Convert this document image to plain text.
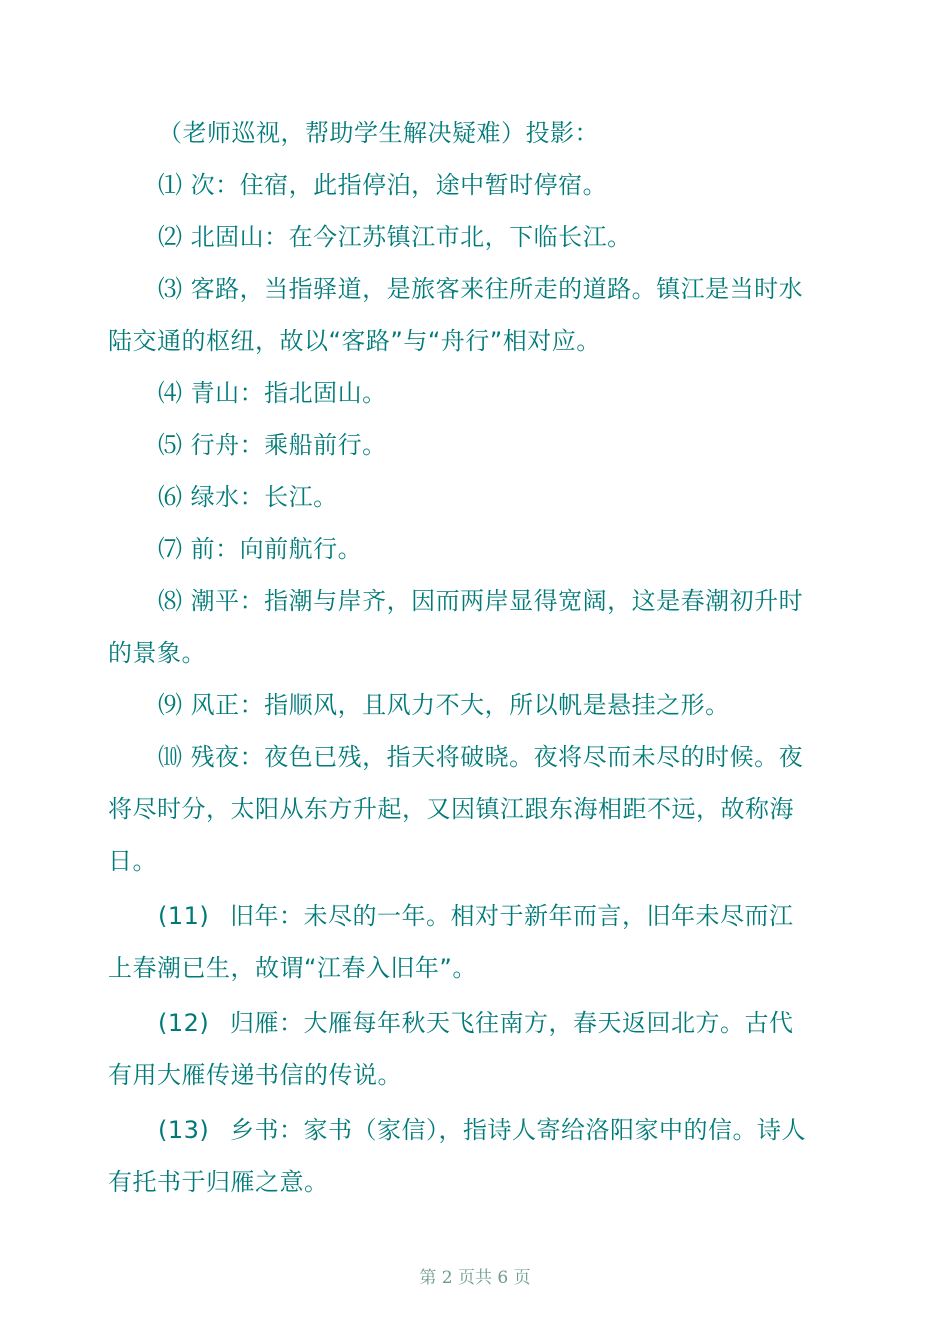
（老师巡视，帮助学生解决疑难）投影：
⑴ 次：住宿，此指停泊，途中暂时停宿。
⑵ 北固山：在今江苏镇江市北，下临长江。
⑶ 客路，当指驿道，是旅客来往所走的道路。镇江是当时水
陆交通的枢纽，故以“客路”与“舟行”相对应。
⑷ 青山：指北固山。
⑸ 行舟：乘船前行。
⑹ 绿水：长江。
⑺ 前：向前航行。
⑻ 潮平：指潮与岸齐，因而两岸显得宽阔，这是春潮初升时
的景象。
⑼ 风正：指顺风，且风力不大，所以帆是悬挂之形。
⑽ 残夜：夜色已残，指天将破晓。夜将尽而未尽的时候。夜
将尽时分，太阳从东方升起，又因镇江跟东海相距不远，故称海
日。
(11) 旧年：未尽的一年。相对于新年而言，旧年未尽而江
上春潮已生，故谓“江春入旧年”。
(12) 归雁：大雁每年秋天飞往南方，春天返回北方。古代
有用大雁传递书信的传说。
(13) 乡书：家书（家信），指诗人寄给洛阳家中的信。诗人
有托书于归雁之意。
第 2 页共 6 页
